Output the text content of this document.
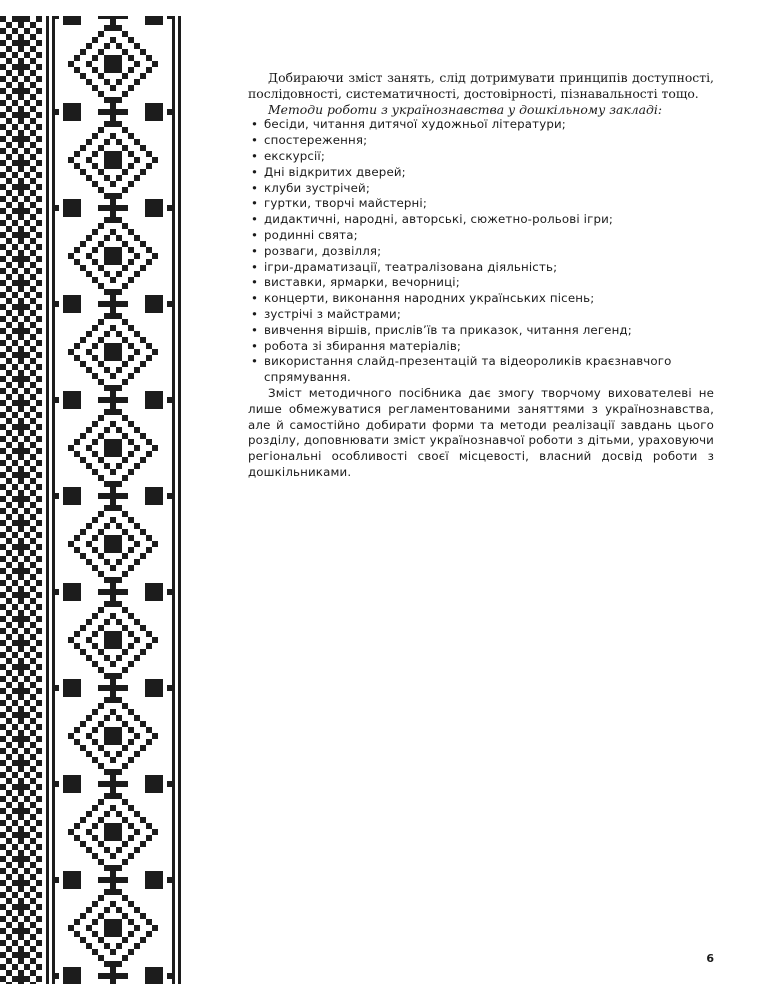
Добираючи зміст занять, слід дотримувати принципів доступності, послідовності, систематичності, достовірності, пізнавальності тощо.

Методи роботи з українознавства у дошкільному закладі:

• бесіди, читання дитячої художньої літератури;
• спостереження;
• екскурсії;
• Дні відкритих дверей;
• клуби зустрічей;
• гуртки, творчі майстерні;
• дидактичні, народні, авторські, сюжетно-рольові ігри;
• родинні свята;
• розваги, дозвілля;
• ігри-драматизації, театралізована діяльність;
• виставки, ярмарки, вечорниці;
• концерти, виконання народних українських пісень;
• зустрічі з майстрами;
• вивчення віршів, прислів’їв та приказок, читання легенд;
• робота зі збирання матеріалів;
• використання слайд-презентацій та відеороликів краєзнавчого спрямування.

Зміст методичного посібника дає змогу творчому вихователеві не лише обмежуватися регламентованими заняттями з українознавства, але й самостійно добирати форми та методи реалізації завдань цього розділу, доповнювати зміст українознавчої роботи з дітьми, ураховуючи регіональні особливості своєї місцевості, власний досвід роботи з дошкільниками.

6
